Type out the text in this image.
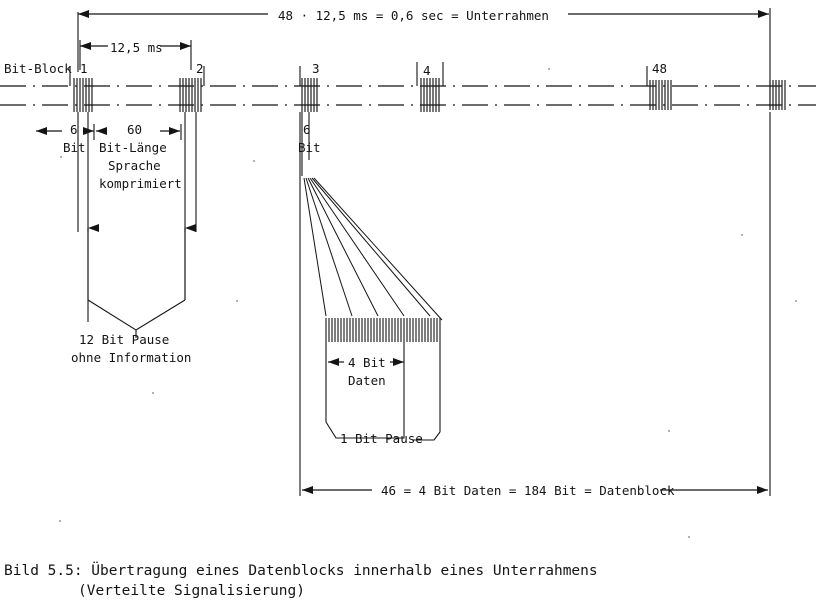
48 · 12,5 ms = 0,6 sec = Unterrahmen
12,5 ms
Bit-Block 1	2	3	4	48
6
Bit
60
Bit-Länge
Sprache
komprimiert
6
Bit
12 Bit Pause
ohne Information	4 Bit
Daten
1 Bit Pause
46 = 4 Bit Daten = 184 Bit = Datenblock
Bild 5.5: Übertragung eines Datenblocks innerhalb eines Unterrahmens
(Verteilte Signalisierung)
